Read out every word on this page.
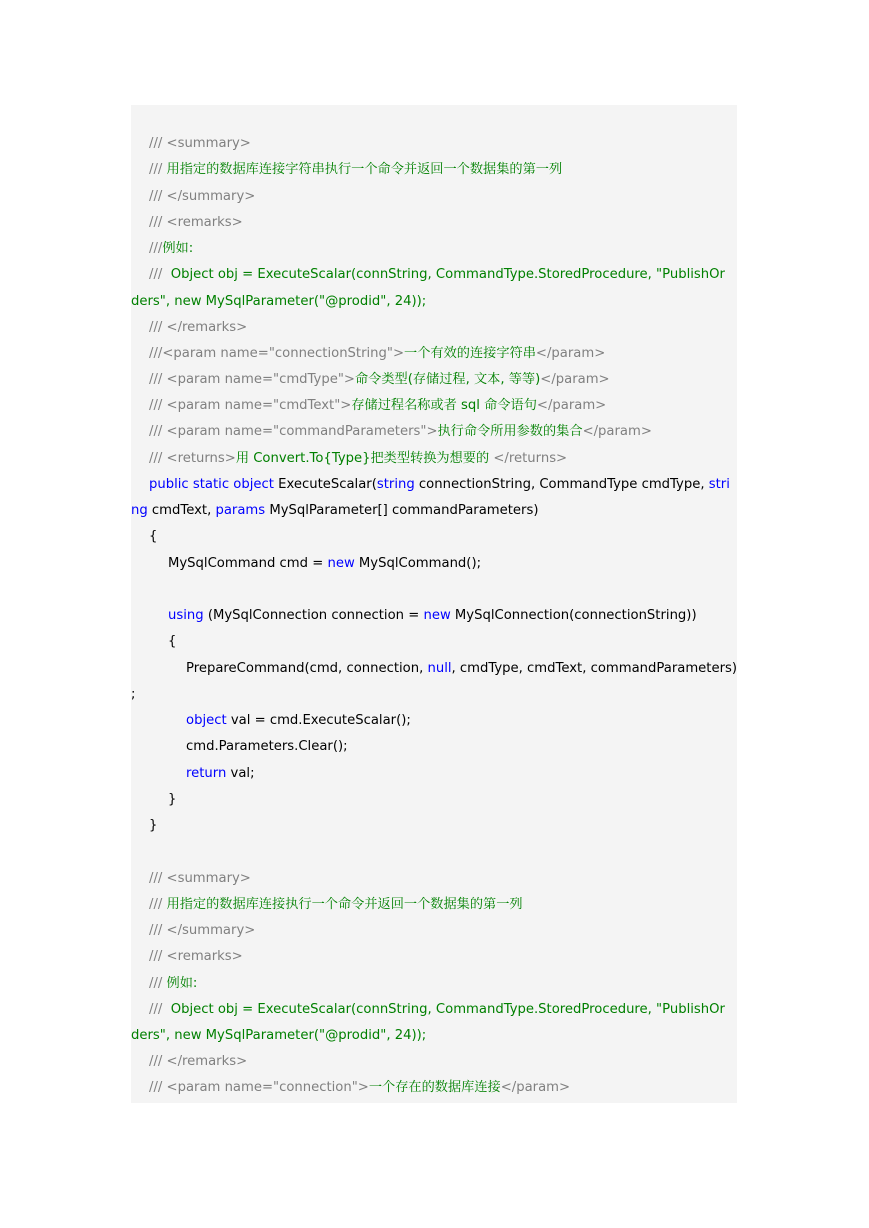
/// <summary>
/// 用指定的数据库连接字符串执行一个命令并返回一个数据集的第一列
/// </summary>
/// <remarks>
///例如:
///  Object obj = ExecuteScalar(connString, CommandType.StoredProcedure, "PublishOr
ders", new MySqlParameter("@prodid", 24));
/// </remarks>
///<param name="connectionString">一个有效的连接字符串</param>
/// <param name="cmdType">命令类型(存储过程, 文本, 等等)</param>
/// <param name="cmdText">存储过程名称或者 sql 命令语句</param>
/// <param name="commandParameters">执行命令所用参数的集合</param>
/// <returns>用 Convert.To{Type}把类型转换为想要的 </returns>
public static object ExecuteScalar(string connectionString, CommandType cmdType, stri
ng cmdText, params MySqlParameter[] commandParameters)
{
MySqlCommand cmd = new MySqlCommand();
using (MySqlConnection connection = new MySqlConnection(connectionString))
{
PrepareCommand(cmd, connection, null, cmdType, cmdText, commandParameters)
;
object val = cmd.ExecuteScalar();
cmd.Parameters.Clear();
return val;
}
}
/// <summary>
/// 用指定的数据库连接执行一个命令并返回一个数据集的第一列
/// </summary>
/// <remarks>
/// 例如:
///  Object obj = ExecuteScalar(connString, CommandType.StoredProcedure, "PublishOr
ders", new MySqlParameter("@prodid", 24));
/// </remarks>
/// <param name="connection">一个存在的数据库连接</param>
